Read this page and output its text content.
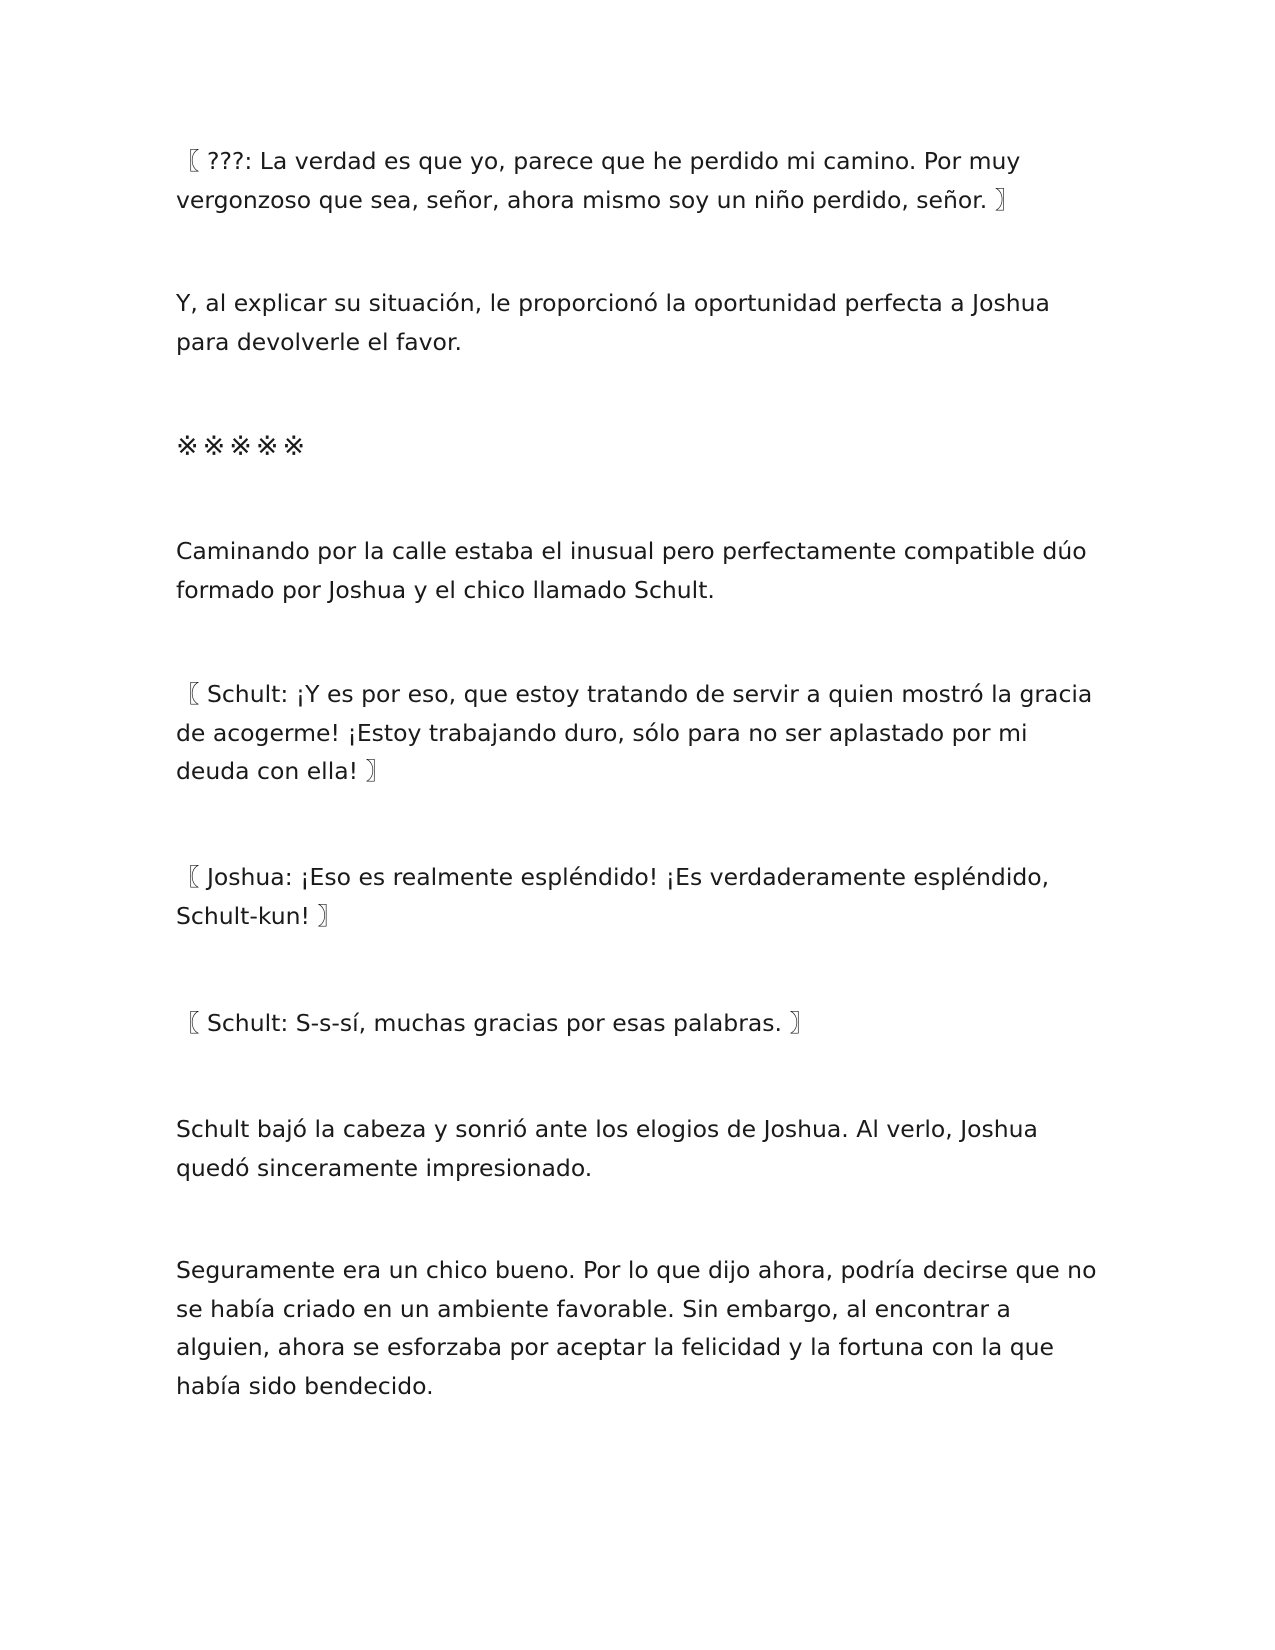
〖 ???: La verdad es que yo, parece que he perdido mi camino. Por muy vergonzoso que sea, señor, ahora mismo soy un niño perdido, señor. 〗

Y, al explicar su situación, le proporcionó la oportunidad perfecta a Joshua para devolverle el favor.

※※※※※

Caminando por la calle estaba el inusual pero perfectamente compatible dúo formado por Joshua y el chico llamado Schult.

〖 Schult: ¡Y es por eso, que estoy tratando de servir a quien mostró la gracia de acogerme! ¡Estoy trabajando duro, sólo para no ser aplastado por mi deuda con ella! 〗

〖 Joshua: ¡Eso es realmente espléndido! ¡Es verdaderamente espléndido, Schult-kun! 〗

〖 Schult: S-s-sí, muchas gracias por esas palabras. 〗

Schult bajó la cabeza y sonrió ante los elogios de Joshua. Al verlo, Joshua quedó sinceramente impresionado.

Seguramente era un chico bueno. Por lo que dijo ahora, podría decirse que no se había criado en un ambiente favorable. Sin embargo, al encontrar a alguien, ahora se esforzaba por aceptar la felicidad y la fortuna con la que había sido bendecido.
